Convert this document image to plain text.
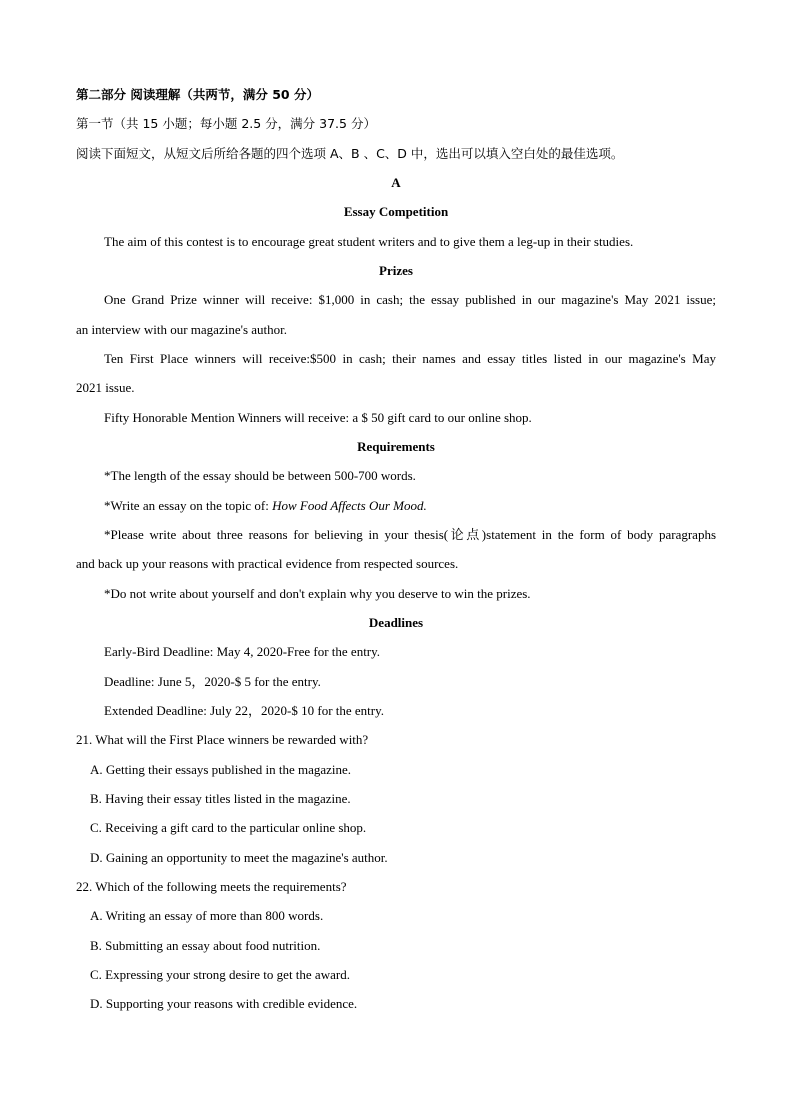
第二部分 阅读理解（共两节，满分 50 分）
第一节（共 15 小题；每小题 2.5 分，满分 37.5 分）
阅读下面短文，从短文后所给各题的四个选项 A、B 、C、D 中，选出可以填入空白处的最佳选项。
A
Essay Competition
The aim of this contest is to encourage great student writers and to give them a leg-up in their studies.
Prizes
One Grand Prize winner will receive: $1,000 in cash; the essay published in our magazine's May 2021 issue;
an interview with our magazine's author.
Ten First Place winners will receive:$500 in cash; their names and essay titles listed in our magazine's May
2021 issue.
Fifty Honorable Mention Winners will receive: a $ 50 gift card to our online shop.
Requirements
*The length of the essay should be between 500-700 words.
*Write an essay on the topic of: How Food Affects Our Mood.
*Please write about three reasons for believing in your thesis(论点)statement in the form of body paragraphs
and back up your reasons with practical evidence from respected sources.
*Do not write about yourself and don't explain why you deserve to win the prizes.
Deadlines
Early-Bird Deadline: May 4, 2020-Free for the entry.
Deadline: June 5，2020-$ 5 for the entry.
Extended Deadline: July 22，2020-$ 10 for the entry.
21. What will the First Place winners be rewarded with?
A. Getting their essays published in the magazine.
B. Having their essay titles listed in the magazine.
C. Receiving a gift card to the particular online shop.
D. Gaining an opportunity to meet the magazine's author.
22. Which of the following meets the requirements?
A. Writing an essay of more than 800 words.
B. Submitting an essay about food nutrition.
C. Expressing your strong desire to get the award.
D. Supporting your reasons with credible evidence.
